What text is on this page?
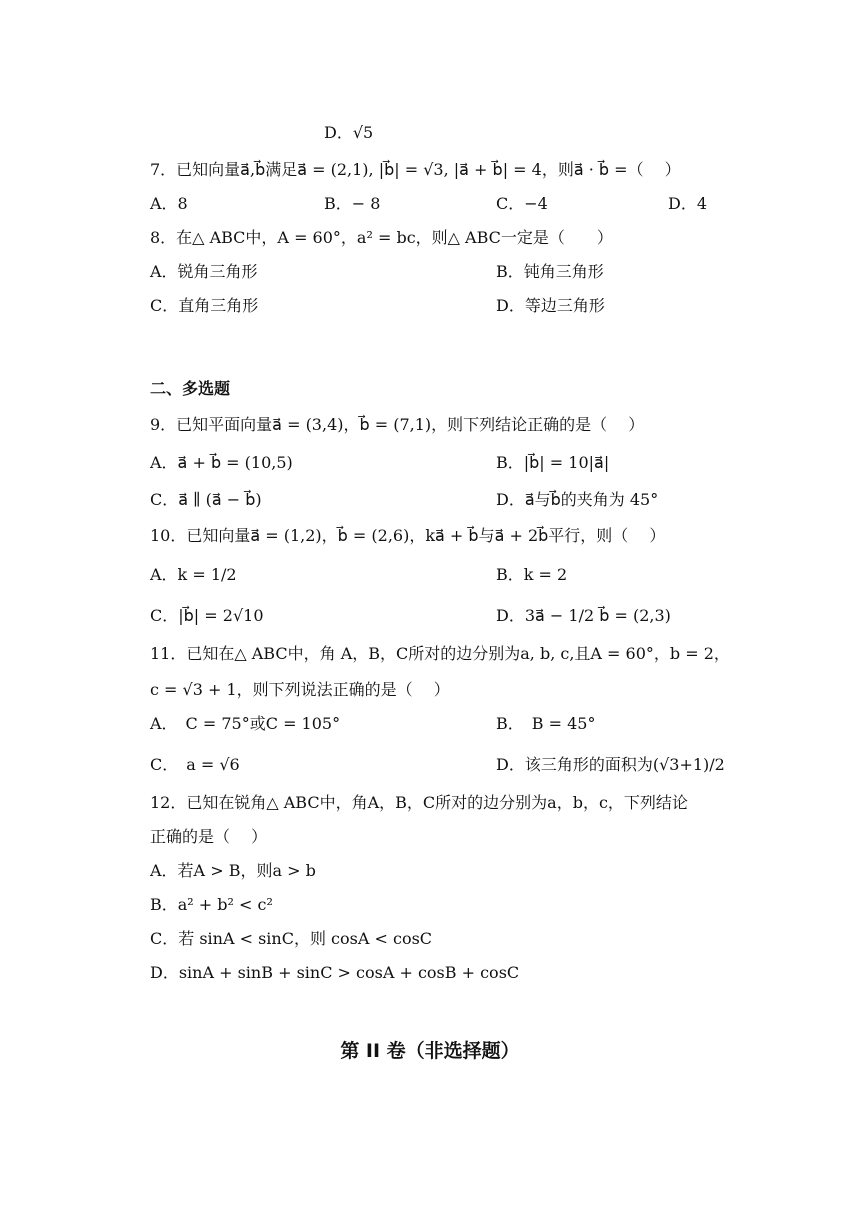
D．√5
7．已知向量a⃗,b⃗满足a⃗ = (2,1), |b⃗| = √3, |a⃗ + b⃗| = 4，则a⃗ · b⃗ =（　 ）
A．8	B．− 8	C．−4	D．4
8．在△ ABC中，A = 60°，a² = bc，则△ ABC一定是（　　）
A．锐角三角形	B．钝角三角形
C．直角三角形	D．等边三角形
二、多选题
9．已知平面向量a⃗ = (3,4)，b⃗ = (7,1)，则下列结论正确的是（　 ）
A．a⃗ + b⃗ = (10,5)	B．|b⃗| = 10|a⃗|
C．a⃗ ∥ (a⃗ − b⃗)	D．a⃗与b⃗的夹角为 45°
10．已知向量a⃗ = (1,2)，b⃗ = (2,6)，ka⃗ + b⃗与a⃗ + 2b⃗平行，则（　 ）
A．k = 1/2	B．k = 2
C．|b⃗| = 2√10	D．3a⃗ − 1/2 b⃗ = (2,3)
11．已知在△ ABC中，角 A，B，C所对的边分别为a, b, c,且A = 60°，b = 2，
c = √3 + 1，则下列说法正确的是（　 ）
A．　C = 75°或C = 105°	B．　B = 45°
C．　a = √6	D．该三角形的面积为(√3+1)/2
12．已知在锐角△ ABC中，角A，B，C所对的边分别为a，b，c，下列结论
正确的是（　 ）
A．若A > B，则a > b
B．a² + b² < c²
C．若 sinA < sinC，则 cosA < cosC
D．sinA + sinB + sinC > cosA + cosB + cosC
第 II 卷（非选择题）
